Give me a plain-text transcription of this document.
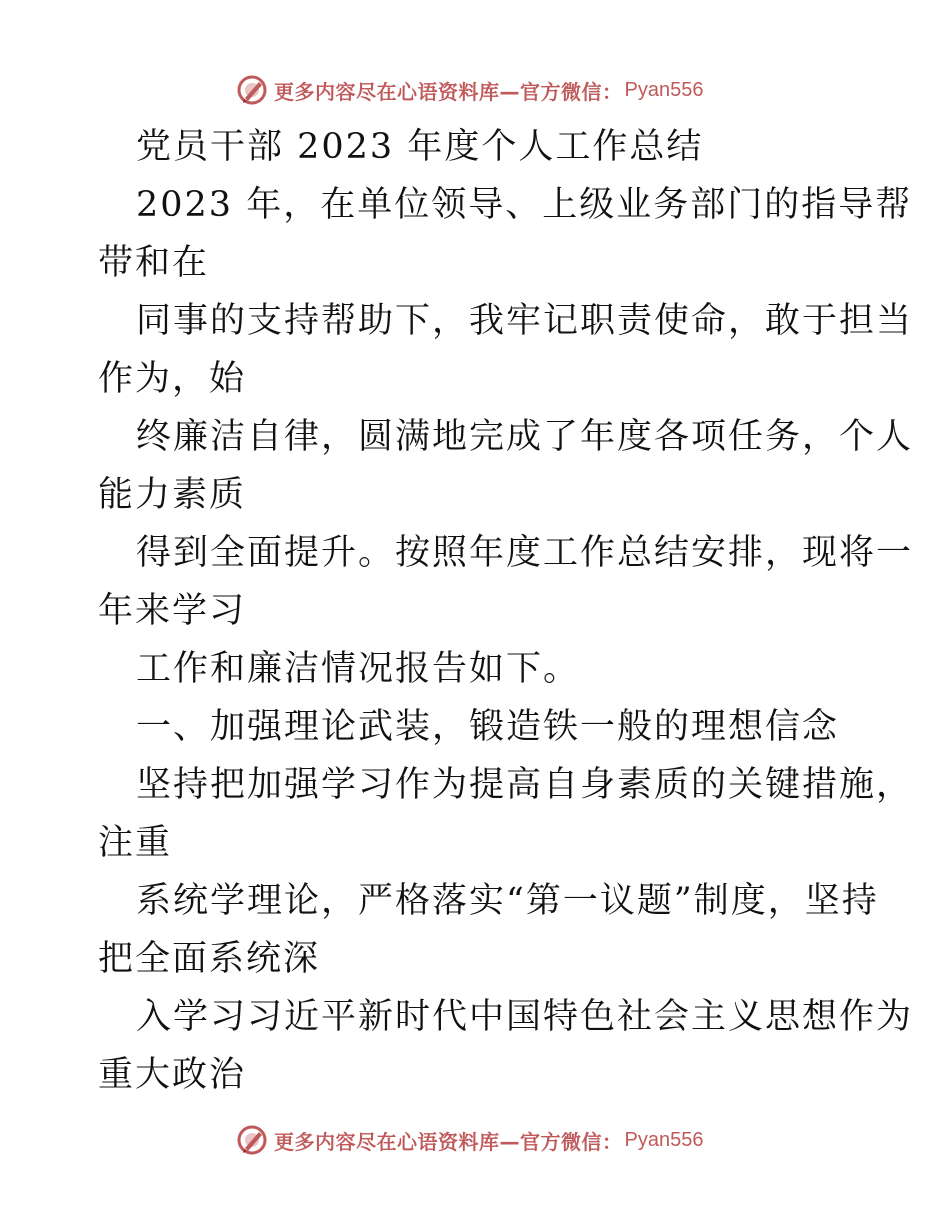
更多内容尽在心语资料库—官方微信： Pyan556
党员干部 2023 年度个人工作总结
2023 年，在单位领导、上级业务部门的指导帮
带和在
同事的支持帮助下，我牢记职责使命，敢于担当
作为，始
终廉洁自律，圆满地完成了年度各项任务，个人
能力素质
得到全面提升。按照年度工作总结安排，现将一
年来学习
工作和廉洁情况报告如下。
一、加强理论武装，锻造铁一般的理想信念
坚持把加强学习作为提高自身素质的关键措施，
注重
系统学理论，严格落实“第一议题”制度，坚持
把全面系统深
入学习习近平新时代中国特色社会主义思想作为
重大政治
更多内容尽在心语资料库—官方微信： Pyan556
